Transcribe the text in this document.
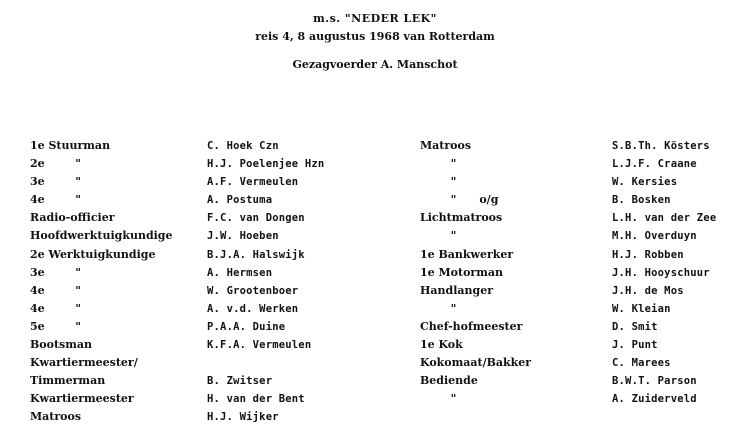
m.s. "NEDER LEK"
reis 4, 8 augustus 1968 van Rotterdam
Gezagvoerder A. Manschot
1e Stuurman
2e        "
3e        "
4e        "
Radio-officier
Hoofdwerktuigkundige
2e Werktuigkundige
3e        "
4e        "
4e        "
5e        "
Bootsman
Kwartiermeester/
Timmerman
Kwartiermeester
Matroos
C. Hoek Czn
H.J. Poelenjee Hzn
A.F. Vermeulen
A. Postuma
F.C. van Dongen
J.W. Hoeben
B.J.A. Halswijk
A. Hermsen
W. Grootenboer
A. v.d. Werken
P.A.A. Duine
K.F.A. Vermeulen
B. Zwitser
H. van der Bent
H.J. Wijker
Matroos
"
"
"      o/g
Lichtmatroos
"
1e Bankwerker
1e Motorman
Handlanger
"
Chef-hofmeester
1e Kok
Kokomaat/Bakker
Bediende
"
S.B.Th. Kösters
L.J.F. Craane
W. Kersies
B. Bosken
L.H. van der Zee
M.H. Overduyn
H.J. Robben
J.H. Hooyschuur
J.H. de Mos
W. Kleian
D. Smit
J. Punt
C. Marees
B.W.T. Parson
A. Zuiderveld
